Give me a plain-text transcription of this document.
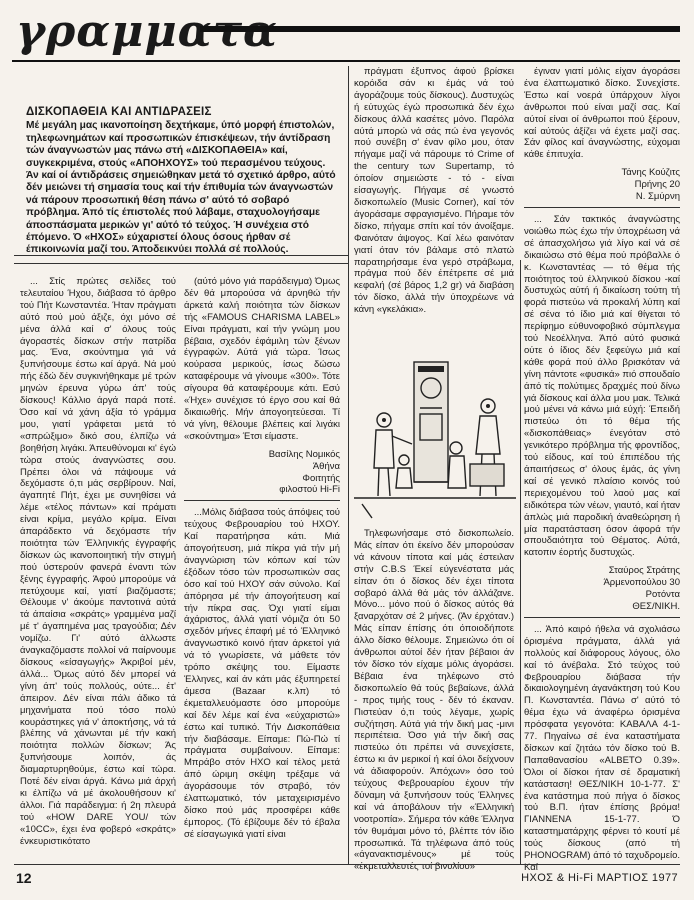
γραμματα
ΔΙΣΚΟΠΑΘΕΙΑ ΚΑΙ ΑΝΤΙΔΡΑΣΕΙΣ
Μέ μεγάλη μας ικανοποίηση δεχτήκαμε, ύπό μορφή έπιστολών, τηλεφωνημάτων καί προσωπικών έπισκέψεων, τήν άντίδραση τών άναγνωστών μας πάνω στή «ΔΙΣΚΟΠΑΘΕΙΑ» καί, συγκεκριμένα, στούς «ΑΠΟΗΧΟΥΣ» τού περασμένου τεύχους. Άν καί οί άντιδράσεις σημειώθηκαν μετά τό σχετικό άρθρο, αύτό δέν μειώνει τή σημασία τους καί τήν έπιθυμία τών άναγνωστών νά πάρουν προσωπική θέση πάνω σ' αύτό τό σοβαρό πρόβλημα. Άπό τίς έπιστολές πού λάβαμε, σταχυολογήσαμε άποσπάσματα μερικών γι' αύτό τό τεύχος. Ή συνέχεια στό έπόμενο. Ό «ΗΧΟΣ» εύχαριστεί όλους όσους ήρθαν σέ έπικοινωνία μαζί του. Άποδεικνύει πολλά σέ πολλούς.

... Στίς πρώτες σελίδες τού τελευταίου Ήχου, διάβασα τό άρθρο τού Πήτ Κωνσταντέα. Ήταν πράγματι αύτό πού μού άξιζε, όχι μόνο σέ μένα άλλά καί σ' όλους τούς άγοραστές δίσκων στήν πατρίδα μας. Ένα, σκούντημα γιά νά ξυπνήσουμε έστω καί άργά. Νά μού πής έδώ δέν συγκινήθηκαμε μέ τρών μηνών έρευνα γύρω άπ' τούς δίσκους! Κάλλιο άργά παρά ποτέ. Όσο καί νά χάνη άξία τό γράμμα μου, γιατί γράφεται μετά τό «σπρώξιμο» δικό σου, έλπίζω νά βοηθήση λιγάκι. Άπευθύνομαι κι' έγώ τώρα στούς άναγνώστες σου. Πρέπει όλοι νά πάψουμε νά δεχόμαστε ό,τι μάς σερβίρουν. Ναί, άγαπητέ Πήτ, έχει με συνηθίσει νά λέμε «τέλος πάντων» καί πράματι είναι κρίμα, μεγάλο κρίμα. Είναι άπαράδεκτο νά δεχόμαστε τήν ποιότητα τών Έλληνικής έγγραφής δίσκων ώς ικανοποιητική τήν στιγμή πού ύστερούν φανερά έναντι τών ξένης έγγραφής. Άφού μπορούμε νά πετύχουμε καί, γιατί βιαζόμαστε; Θέλουμε ν' άκούμε παντοτινά αύτά τά άπαίσια «σκράτς» γραμμένα μαζί μέ τ' άγαπημένα μας τραγούδια; Δέν νομίζω. Γι' αύτό άλλωστε άναγκαζόμαστε πολλοί νά παίρνουμε δίσκους «είσαγωγής» Άκριβοί μέν, άλλά... Όμως αύτό δέν μπορεί νά γίνη άπ' τούς πολλούς, ούτε... έτ' άπειρον. Δέν είναι πάλι άδικο τά μηχανήματα πού τόσο πολύ κουράστηκες γιά ν' άποκτήσης, νά τά βλέπης νά χάνωνται μέ τήν κακή ποιότητα πολλών δίσκων; Άς ξυπνήσουμε λοιπόν, άς διαμαρτυρηθούμε, έστω καί τώρα. Ποτέ δέν είναι άργά. Κάνω μιά άρχή κι έλπίζω νά μέ άκολουθήσουν κι' άλλοι. Γιά παράδειγμα: ή 2η πλευρά τού «HOW DARE YOU/ τών «10CC», έχει ένα φοβερό «σκράτς» ένκευριστικότατο

(αύτό μόνο γιά παράδειγμα) Όμως δέν θά μπορούσα νά άρνηθώ τήν άρκετά καλή ποιότητα τών δίσκων τής «FAMOUS CHARISMA LABEL» Είναι πράγματι, καί τήν γνώμη μου βέβαια, σχεδόν έφάμιλη τών ξένων έγγραφών. Αύτά γιά τώρα. Ίσως κούρασα μερικούς, ίσως δώσω καταφέρουμε νά γίνουμε «300». Τότε σίγουρα θά καταφέρουμε κάτι. Εσύ «Ήχε» συνέχισε τό έργο σου καί θά δικαιωθής. Μήν άπογοητεύεσαι. Τί νά γίνη, θέλουμε βλέπεις καί λιγάκι «σκούντημα» Έτσι είμαστε.

Βασίλης Νομικός
Άθήνα
Φοιτητής
φιλοστού Hi-Fi

...Μόλις διάβασα τούς άπόψεις τού τεύχους Φεβρουαρίου τού ΗΧΟΥ. Καί παρατήρησα κάτι. Μιά άπογοήτευση, μιά πίκρα γιά τήν μή άναγνώριση τών κόπων καί τών έξόδων τόσο τών προσωπικών σας όσο καί τού ΗΧΟΥ σάν σύνολο. Καί άπόρησα μέ τήν άπογοήτευση καί τήν πίκρα σας. Όχι γιατί είμαι άχάριστος, άλλά γιατί νόμιζα ότι 50 σχεδόν μήνες έπαφή μέ τό Έλληνικό άναγνωστικό κοινό ήταν άρκετοί γιά νά τό γνωρίσετε, νά μάθετε τόν τρόπο σκέψης του. Είμαστε Έλληνες, καί άν κάτι μάς έξυπηρετεί άμεσα (Bazaar κ.λπ) τό έκμεταλλευόμαστε όσο μπορούμε καί δέν λέμε καί ένα «εύχαριστώ» έστω καί τυπικό. Τήν Δισκοπάθεια τήν διαβάσαμε. Είπαμε: Πώ-Πώ τί πράγματα συμβαίνουν. Είπαμε: Μπράβο στόν ΗΧΟ καί τέλος μετά άπό ώριμη σκέψη τρέξαμε νά άγοράσουμε τόν στραβό, τόν έλαττωματικό, τόν μεταχειρισμένο δίσκο πού μάς προσφέρει κάθε έμπορος. (Τό έβίζουμε δέν τό έβαλα σέ είσαγωγικά γιατί είναι

πράγματι έξυπνος άφού βρίσκει κορόιδα σάν κι έμάς νά τού άγοράζουμε τούς δίσκους). Δυστυχώς ή εύτυχώς έγώ προσωπικά δέν έχω δίσκους άλλά κασέτες μόνο. Παρόλα αύτά μπορώ νά σάς πώ ένα γεγονός πού συνέβη σ' έναν φίλο μου, όταν πήγαμε μαζί νά πάρουμε τό Crime of the century των Supertamp, τό όποίον σημειώστε - τό - είναι είσαγωγής. Πήγαμε σέ γνωστό δισκοπωλείο (Music Corner), καί τόν άγοράσαμε σφραγισμένο. Πήραμε τόν δίσκο, πήγαμε σπίτι καί τόν άνοίξαμε. Φαινόταν άψογος. Καί λέω φαινόταν γιατί όταν τόν βάλαμε στό πλατώ παρατηρήσαμε ένα γερό στράβωμα, πράγμα πού δέν έπέτρεπε σέ μιά κεφαλή (σέ βάρος 1,2 gr) νά διαβάση τόν δίσκο, άλλά τήν ύποχρέωνε νά κάνη «γκελάκια».

Τηλεφωνήσαμε στό δισκοπωλείο. Μάς είπαν ότι έκείνο δέν μπορούσαν νά κάνουν τίποτα καί μάς έστειλαν στήν C.B.S Έκεί εύγενέστατα μάς είπαν ότι ό δίσκος δέν έχει τίποτα σοβαρό άλλά θά μάς τόν άλλάζανε. Μόνο... μόνο πού ό δίσκος αύτός θά ξαναρχόταν σέ 2 μήνες. (Άν έρχόταν.) Μάς είπαν έπίσης ότι όποιοδήποτε άλλο δίσκο θέλουμε. Σημειώνω ότι οί άνθρωποι αύτοί δέν ήταν βέβαιοι άν τόν δίσκο τόν είχαμε μόλις άγοράσει. Βέβαια ένα τηλέφωνο στό δισκοπωλείο θά τούς βεβαίωνε, άλλά - προς τιμής τους - δέν τό έκαναν. Πιστεύαν ό,τι τούς λέγαμε, χωρίς συζήτηση. Αύτά γιά τήν δική μας -μινι περιπέτεια. Όσο γιά τήν δική σας πιστεύω ότι πρέπει νά συνεχίσετε, έστω κι άν μερικοί ή καί όλοι δείχνουν νά άδιαφορούν. Άπόχων» όσο τού τεύχους Φεβρουαρίου έχουν τήν δύναμη νά ξυπνήσουν τούς Έλληνες καί νά άποβάλουν τήν «Έλληνική νοοτροπία». Σήμερα τόν κάθε Έλληνα τόν θυμάμαι μόνο τό, βλέπτε τόν ίδιο προσωπικά. Τά τηλέφωνα άπό τούς «άγανακτισμένους» μέ τούς «έκμεταλλευτές τοί βινυλίου»

έγιναν γιατί μόλις είχαν άγοράσει ένα έλαττωματικό δίσκο. Συνεχίστε. Έστω καί νοερά ύπάρχουν λίγοι άνθρωποι πού είναι μαζί σας. Καί αύτοί είναι οί άνθρωποι πού ξέρουν, καί αύτούς άξίζει νά έχετε μαζί σας. Σάν φίλος καί άναγνώστης, εύχομαι κάθε έπιτυχία.

Τάνης Κούζιτς
Πρήνης 20
Ν. Σμύρνη

... Σάν τακτικός άναγνώστης νοιώθω πώς έχω τήν ύποχρέωση νά σέ άπασχολήσω γιά λίγο καί νά σέ δικαιώσω στό θέμα πού πρόβαλλε ό κ. Κωνσταντέας — τό θέμα τής ποιότητος τού έλληνικού δίσκου -καί δυστυχώς αύτή ή δικαίωση τούτη τή φορά πιστεύω νά προκαλή λύπη καί σέ σένα τό ίδιο μιά καί θίγεται τό περίφημο εύθυνοφοβικό σύμπλεγμα τού Νεοέλληνα. Άπό αύτό φυσικά ούτε ό ίδιος δέν ξεφεύγω μιά καί κάθε φορά πού άλλο βρισκόταν νά γίνη πάντοτε «φυσικά» πιό σπουδαίο άπό τίς πολύτιμες δραχμές πού δίνω γιά δίσκους καί άλλα μου μακ. Τελικά μού μένει νά κάνω μιά εύχή: Έπειδή πιστεύω ότι τό θέμα τής «δισκοπάθειας» ένεγόταν στό γενικότερο πρόβλημα τής φροντίδος, τού είδους, καί τού έπιπέδου τής άπαιτήσεως σ' όλους έμάς, άς γίνη καί σέ γενικό πλαίσιο κοινός τού περιεχομένου τού λαού μας καί ειδικότερα τών νέων, γιαυτό, καί ήταν άπλώς μιά παροδική άναθεώρηση ή μία παρατάσταση όσον άφορά τήν σπουδαιότητα τού Θέματος. Αύτά, κατοπιν έορτής δυστυχώς.

Σταύρος Στράτης
Άρμενοπούλου 30
Ροτόντα
ΘΕΣ/ΝΙΚΗ.

... Άπό καιρό ήθελα νά σχολιάσω όρισμένα πράγματα, άλλά γιά πολλούς καί διάφορους λόγους, όλο καί τό άνέβαλα. Στό τεύχος τού Φεβρουαρίου διάβασα τήν δικαιολογημένη άγανάκτηση τού Κου Π. Κωνσταντέα. Πάνω σ' αύτό τό θέμα έχω νά άναφέρω όρισμένα πρόσφατα γεγονότα: ΚΑΒΑΛΑ 4-1-77. Πηγαίνω σέ ένα καταστήματα δίσκων καί ζητάω τόν δίσκο τού Β. Παπαθανασίου «ΑLBETO 0.39». Όλοι οί δίσκοι ήταν σέ δραματική κατάσταση! ΘΕΣ/ΝΙΚΗ 10-1-77. Σ' ένα κατάστημα πού πήγα ό δίσκος τού Β.Π. ήταν έπίσης βρόμα! ΓΙΑΝΝΕΝΑ 15-1-77. Ό καταστηματάρχης φέρνει τό κουτί μέ τούς δίσκους (από τή PHONOGRAM) άπό τό ταχυδρομείο. Καί

12	ΗΧΟΣ & Hi-Fi ΜΑΡΤΙΟΣ 1977
